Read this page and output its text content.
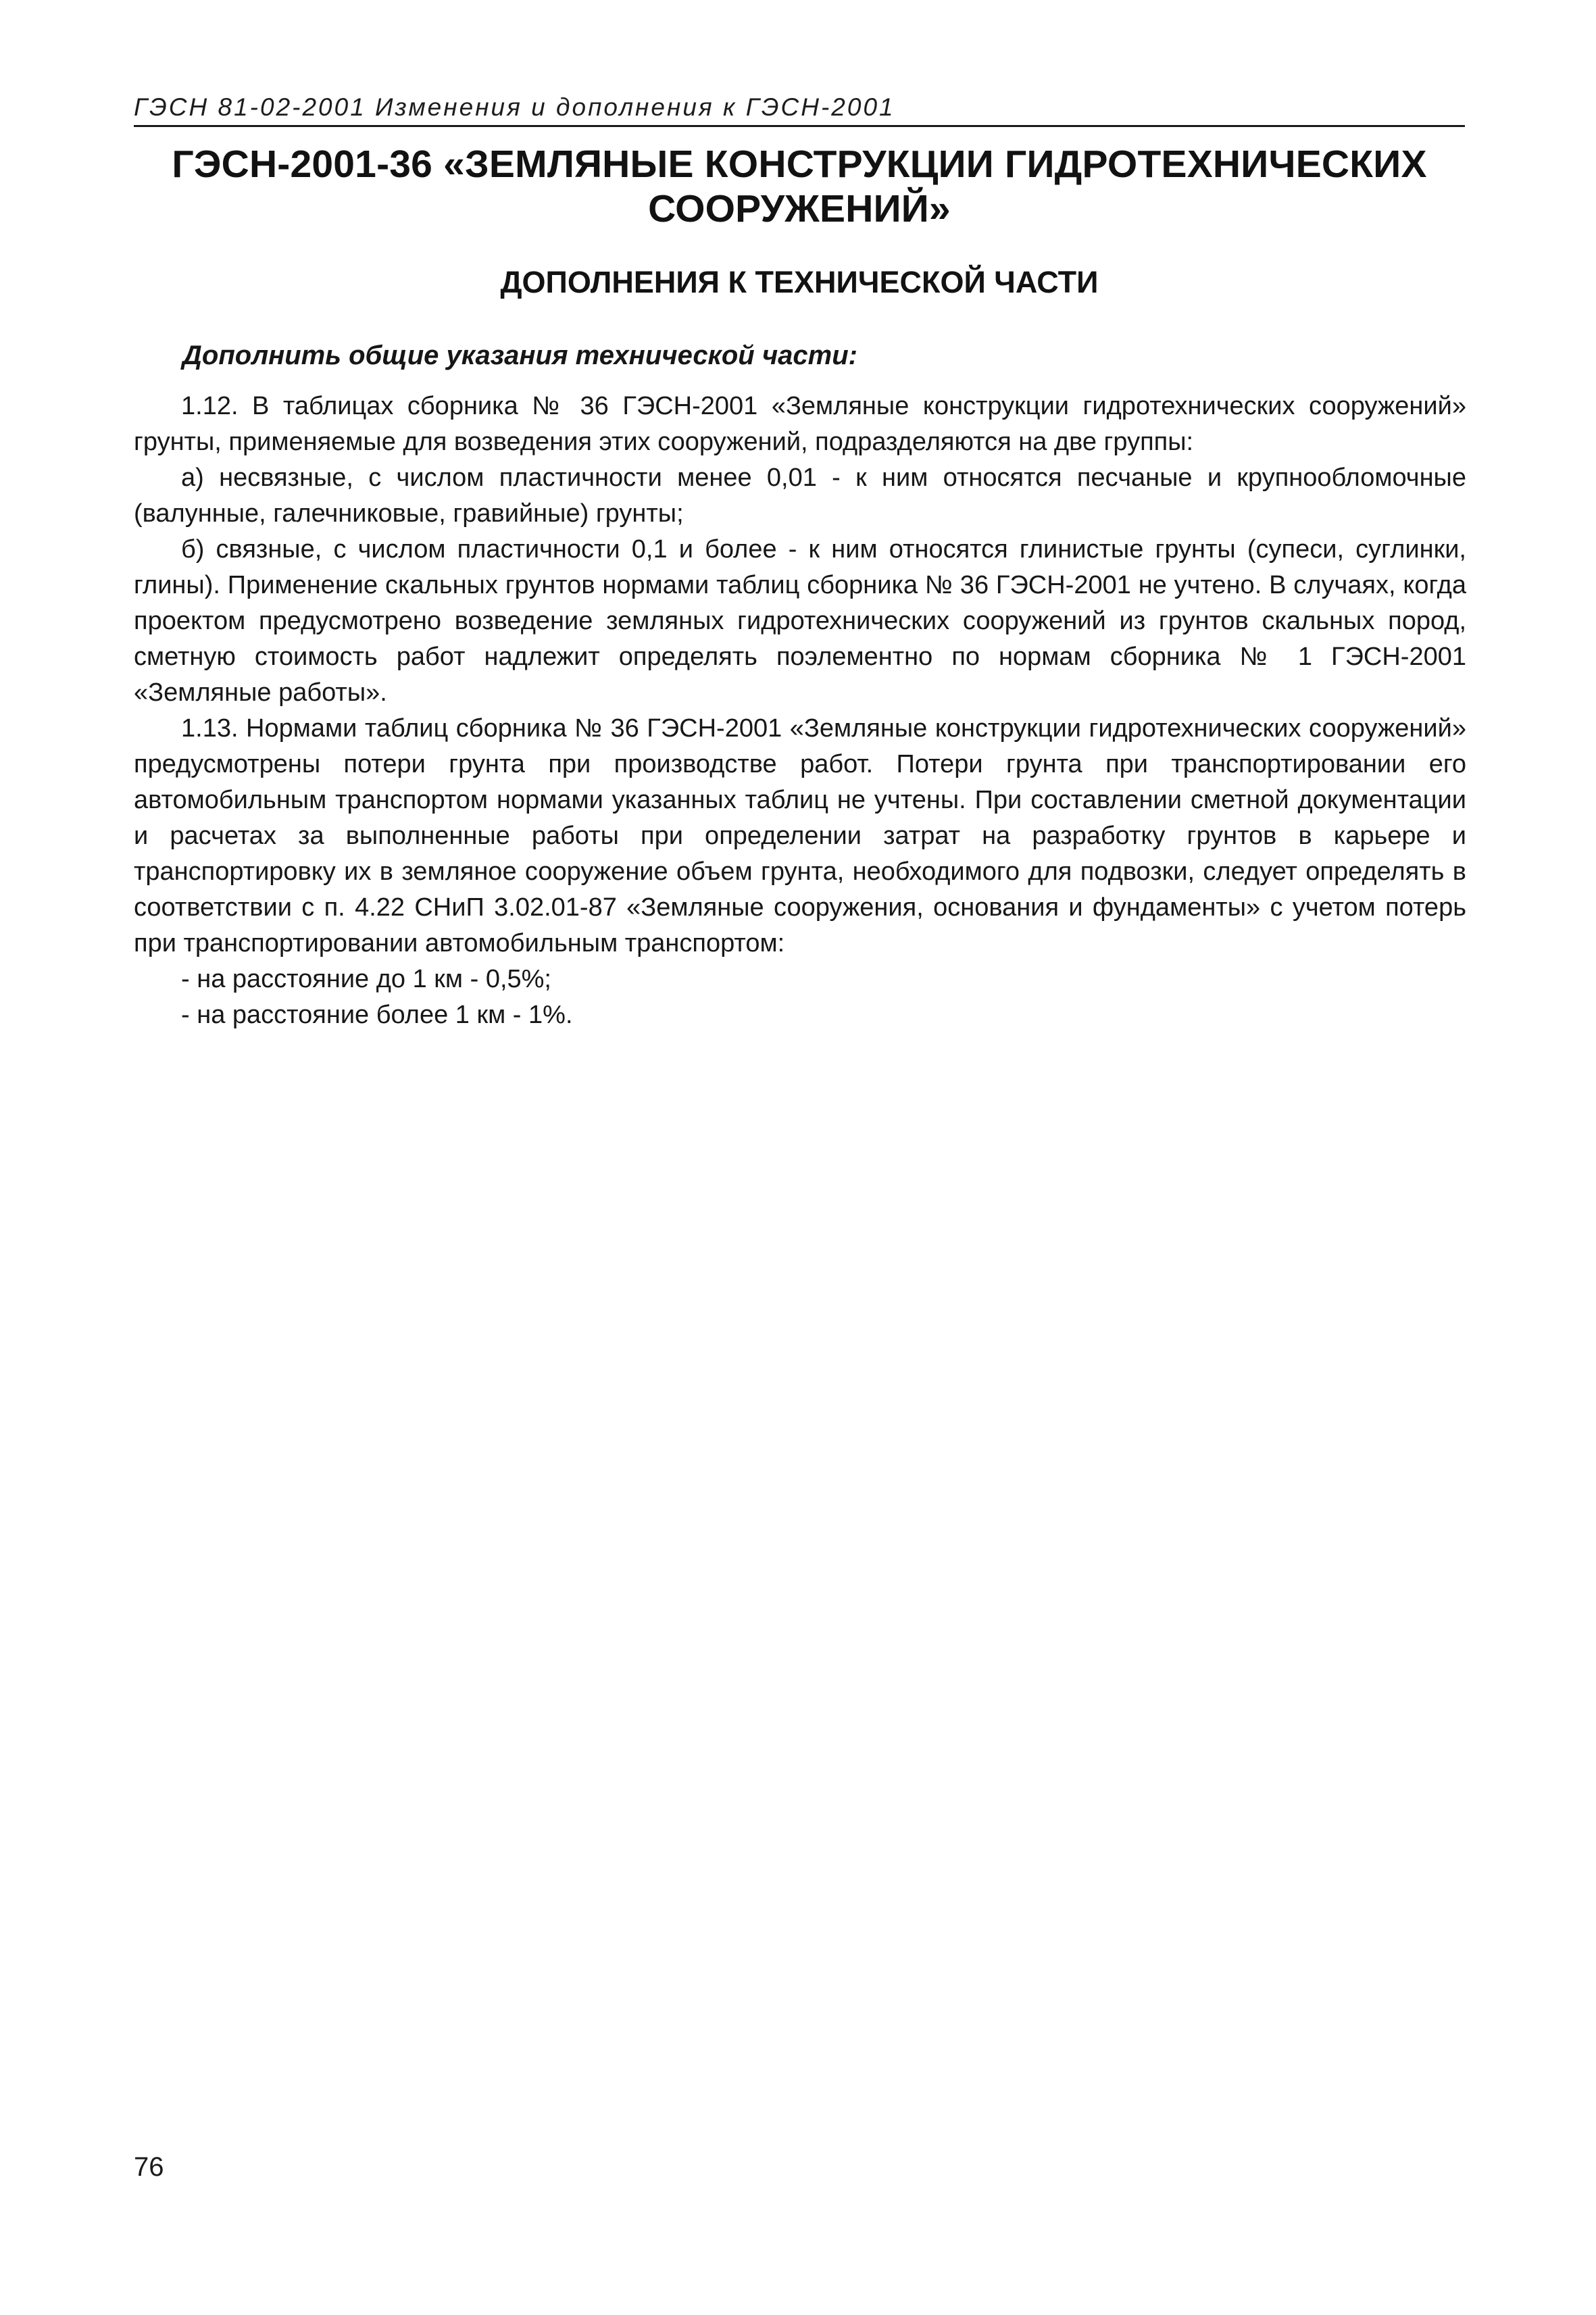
ГЭСН 81-02-2001 Изменения и дополнения к ГЭСН-2001
ГЭСН-2001-36 «ЗЕМЛЯНЫЕ КОНСТРУКЦИИ ГИДРОТЕХНИЧЕСКИХ СООРУЖЕНИЙ»
ДОПОЛНЕНИЯ К ТЕХНИЧЕСКОЙ ЧАСТИ
Дополнить общие указания технической части:

1.12. В таблицах сборника № 36 ГЭСН-2001 «Земляные конструкции гидротехнических сооружений» грунты, применяемые для возведения этих сооружений, подразделяются на две группы:

а) несвязные, с числом пластичности менее 0,01 - к ним относятся песчаные и крупнообломочные (валунные, галечниковые, гравийные) грунты;

б) связные, с числом пластичности 0,1 и более - к ним относятся глинистые грунты (супеси, суглинки, глины). Применение скальных грунтов нормами таблиц сборника № 36 ГЭСН-2001 не учтено. В случаях, когда проектом предусмотрено возведение земляных гидротехнических сооружений из грунтов скальных пород, сметную стоимость работ надлежит определять поэлементно по нормам сборника № 1 ГЭСН-2001 «Земляные работы».

1.13. Нормами таблиц сборника № 36 ГЭСН-2001 «Земляные конструкции гидротехнических сооружений» предусмотрены потери грунта при производстве работ. Потери грунта при транспортировании его автомобильным транспортом нормами указанных таблиц не учтены. При составлении сметной документации и расчетах за выполненные работы при определении затрат на разработку грунтов в карьере и транспортировку их в земляное сооружение объем грунта, необходимого для подвозки, следует определять в соответствии с п. 4.22 СНиП 3.02.01-87 «Земляные сооружения, основания и фундаменты» с учетом потерь при транспортировании автомобильным транспортом:

- на расстояние до 1 км - 0,5%;

- на расстояние более 1 км - 1%.

76
